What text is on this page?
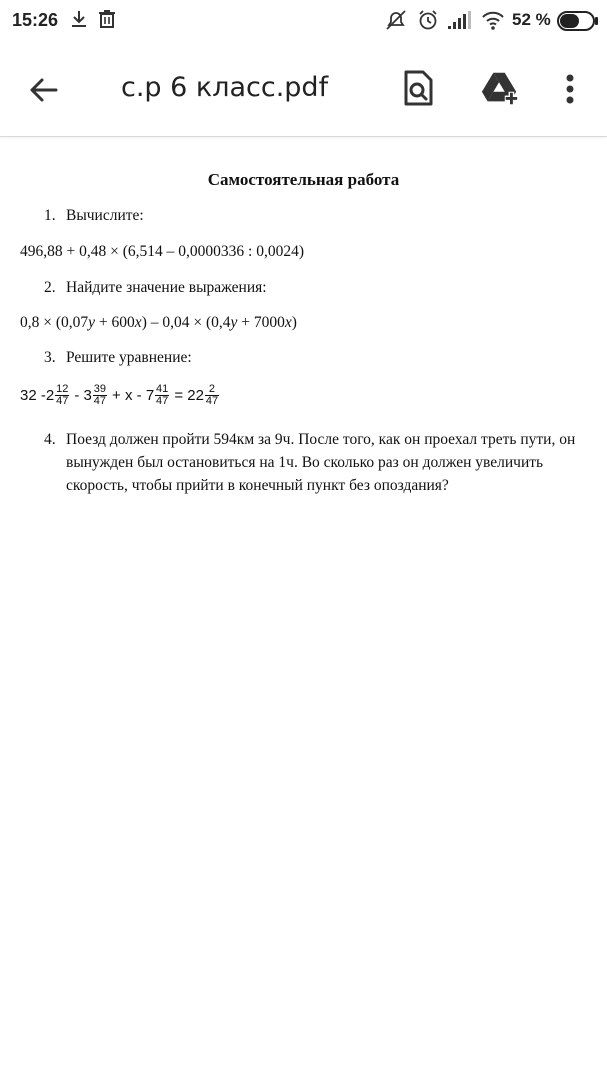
15:26	52 %
с.р 6 класс.pdf
Самостоятельная работа
1. Вычислите:
496,88 + 0,48 × (6,514 – 0,0000336 : 0,0024)
2. Найдите значение выражения:
0,8 × (0,07y + 600x) – 0,04 × (0,4y + 7000x)
3. Решите уравнение:
$32 - 2 \frac{12}{47} - 3 \frac{39}{47} + x - 7 \frac{41}{47} = 22 \frac{2}{47}$
4. Поезд должен пройти 594км за 9ч. После того, как он проехал треть пути, он вынужден был остановиться на 1ч. Во сколько раз он должен увеличить скорость, чтобы прийти в конечный пункт без опоздания?
